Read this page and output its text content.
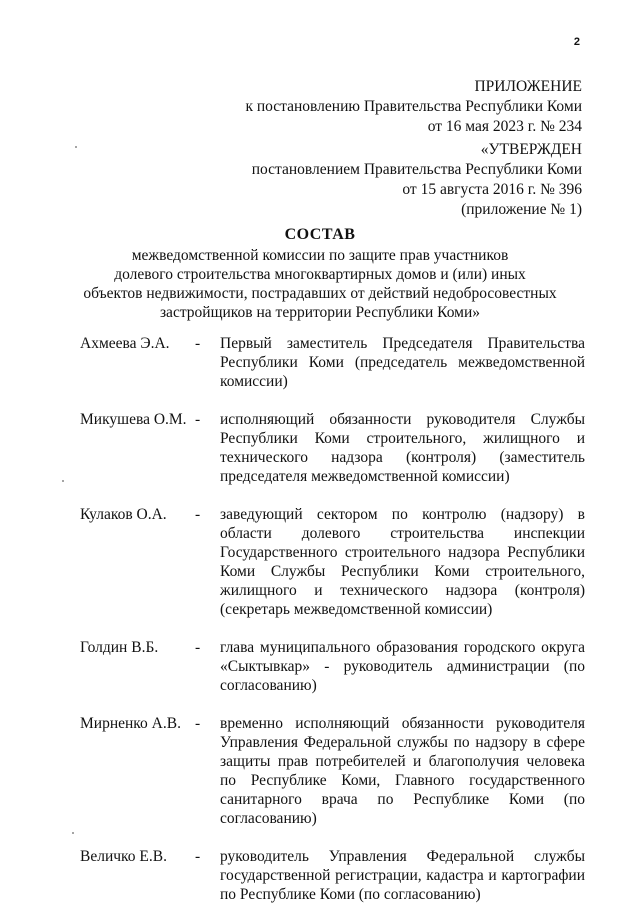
2
ПРИЛОЖЕНИЕ
к постановлению Правительства Республики Коми
от 16 мая 2023 г. № 234
«УТВЕРЖДЕН
постановлением Правительства Республики Коми
от 15 августа 2016 г. № 396
(приложение № 1)
СОСТАВ
межведомственной комиссии по защите прав участников
долевого строительства многоквартирных домов и (или) иных
объектов недвижимости, пострадавших от действий недобросовестных
застройщиков на территории Республики Коми»
Ахмеева Э.А.	-	Первый заместитель Председателя Правительства Республики Коми (председатель межведомственной комиссии)
Микушева О.М. -	исполняющий обязанности руководителя Службы Республики Коми строительного, жилищного и технического надзора (контроля) (заместитель председателя межведомственной комиссии)
Кулаков О.А.	-	заведующий сектором по контролю (надзору) в области долевого строительства инспекции Государственного строительного надзора Республики Коми Службы Республики Коми строительного, жилищного и технического надзора (контроля) (секретарь межведомственной комиссии)
Голдин В.Б.	-	глава муниципального образования городского округа «Сыктывкар» - руководитель администрации (по согласованию)
Мирненко А.В. -	временно исполняющий обязанности руководителя Управления Федеральной службы по надзору в сфере защиты прав потребителей и благополучия человека по Республике Коми, Главного государственного санитарного врача по Республике Коми (по согласованию)
Величко Е.В.	-	руководитель Управления Федеральной службы государственной регистрации, кадастра и картографии по Республике Коми (по согласованию)
